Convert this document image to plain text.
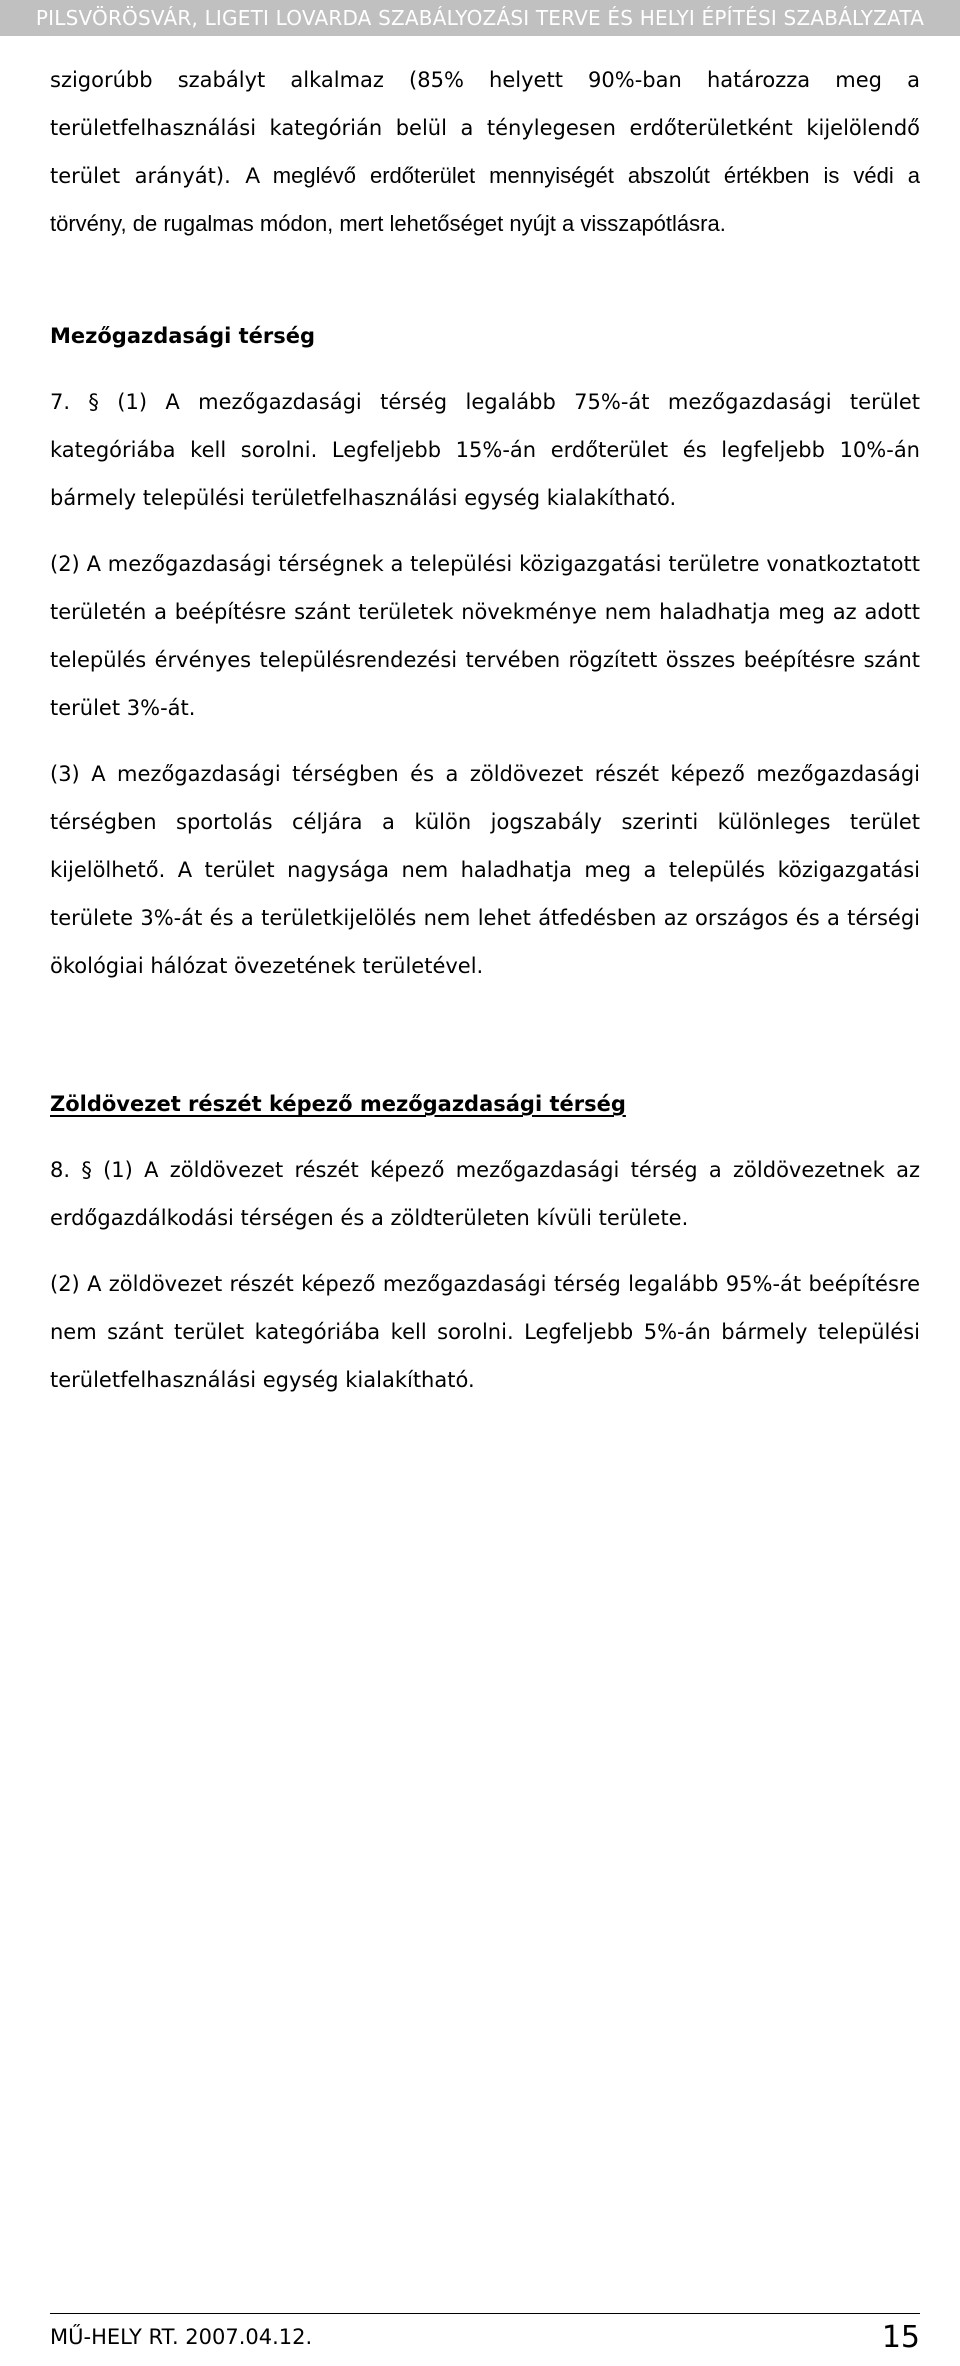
PILSVÖRÖSVÁR, LIGETI LOVARDA SZABÁLYOZÁSI TERVE ÉS HELYI ÉPÍTÉSI SZABÁLYZATA

szigorúbb szabályt alkalmaz (85% helyett 90%-ban határozza meg a területfelhasználási kategórián belül a ténylegesen erdőterületként kijelölendő terület arányát). A meglévő erdőterület mennyiségét abszolút értékben is védi a törvény, de rugalmas módon, mert lehetőséget nyújt a visszapótlásra.

Mezőgazdasági térség

7. § (1) A mezőgazdasági térség legalább 75%-át mezőgazdasági terület kategóriába kell sorolni. Legfeljebb 15%-án erdőterület és legfeljebb 10%-án bármely települési területfelhasználási egység kialakítható.

(2) A mezőgazdasági térségnek a települési közigazgatási területre vonatkoztatott területén a beépítésre szánt területek növekménye nem haladhatja meg az adott település érvényes településrendezési tervében rögzített összes beépítésre szánt terület 3%-át.

(3) A mezőgazdasági térségben és a zöldövezet részét képező mezőgazdasági térségben sportolás céljára a külön jogszabály szerinti különleges terület kijelölhető. A terület nagysága nem haladhatja meg a település közigazgatási területe 3%-át és a területkijelölés nem lehet átfedésben az országos és a térségi ökológiai hálózat övezetének területével.

Zöldövezet részét képező mezőgazdasági térség

8. § (1) A zöldövezet részét képező mezőgazdasági térség a zöldövezetnek az erdőgazdálkodási térségen és a zöldterületen kívüli területe.

(2) A zöldövezet részét képező mezőgazdasági térség legalább 95%-át beépítésre nem szánt terület kategóriába kell sorolni. Legfeljebb 5%-án bármely települési területfelhasználási egység kialakítható.

MŰ-HELY RT. 2007.04.12.	15
